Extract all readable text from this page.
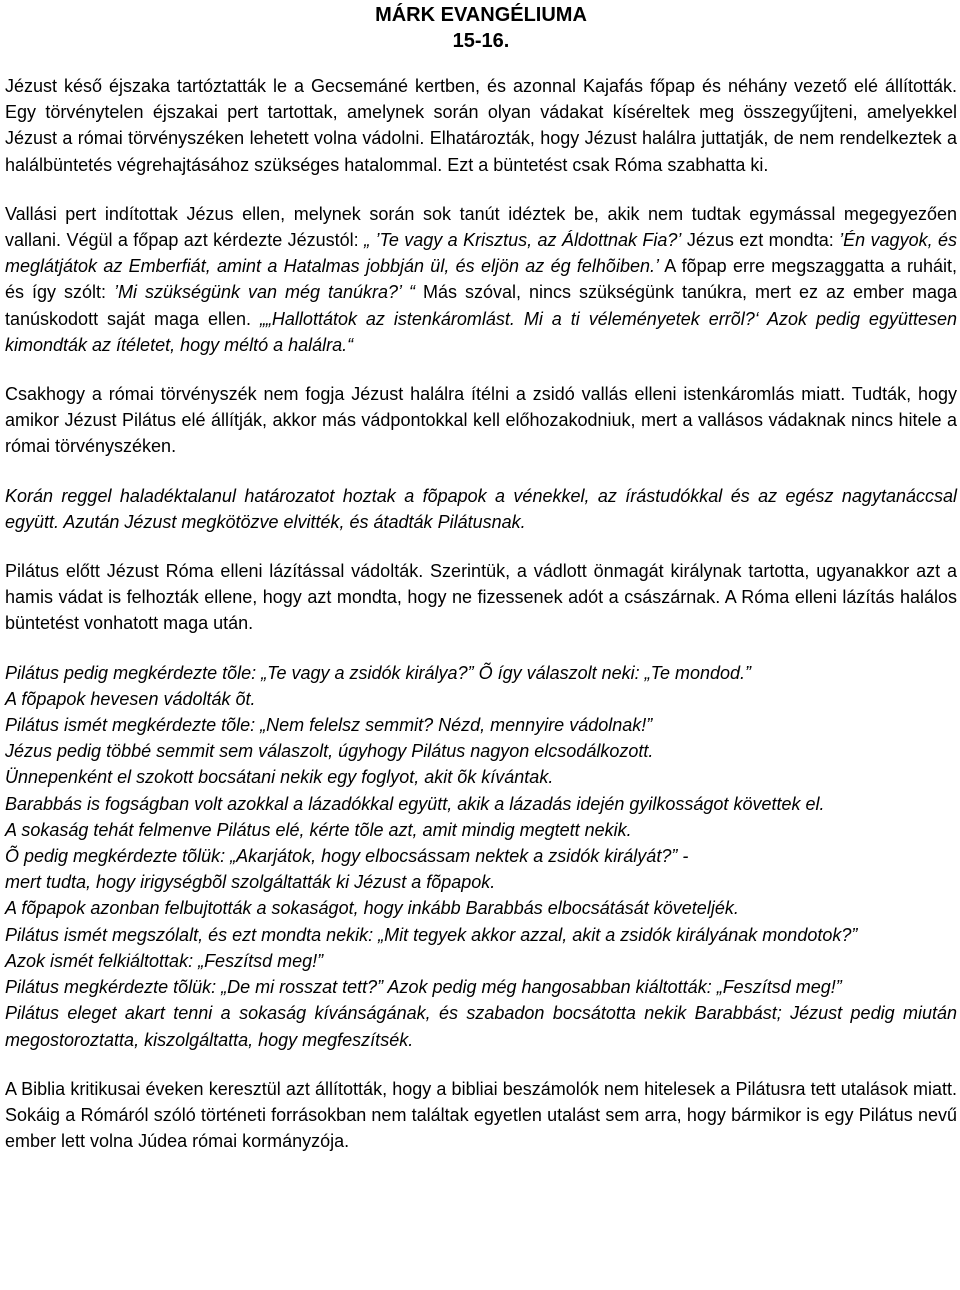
MÁRK EVANGÉLIUMA
15-16.

Jézust késő éjszaka tartóztatták le a Gecsemáné kertben, és azonnal Kajafás főpap és néhány vezető elé állították. Egy törvénytelen éjszakai pert tartottak, amelynek során olyan vádakat kíséreltek meg összegyűjteni, amelyekkel Jézust a római törvényszéken lehetett volna vádolni. Elhatározták, hogy Jézust halálra juttatják, de nem rendelkeztek a halálbüntetés végrehajtásához szükséges hatalommal. Ezt a büntetést csak Róma szabhatta ki.

Vallási pert indítottak Jézus ellen, melynek során sok tanút idéztek be, akik nem tudtak egymással megegyezően vallani. Végül a főpap azt kérdezte Jézustól: „ ’Te vagy a Krisztus, az Áldottnak Fia?’ Jézus ezt mondta: ’Én vagyok, és meglátjátok az Emberfiát, amint a Hatalmas jobbján ül, és eljön az ég felhõiben.’ A fõpap erre megszaggatta a ruháit, és így szólt: ’Mi szükségünk van még tanúkra?’ “ Más szóval, nincs szükségünk tanúkra, mert ez az ember maga tanúskodott saját maga ellen. „„Hallottátok az istenkáromlást. Mi a ti véleményetek errõl?‘ Azok pedig együttesen kimondták az ítéletet, hogy méltó a halálra.“

Csakhogy a római törvényszék nem fogja Jézust halálra ítélni a zsidó vallás elleni istenkáromlás miatt. Tudták, hogy amikor Jézust Pilátus elé állítják, akkor más vádpontokkal kell előhozakodniuk, mert a vallásos vádaknak nincs hitele a római törvényszéken.

Korán reggel haladéktalanul határozatot hoztak a fõpapok a vénekkel, az írástudókkal és az egész nagytanáccsal együtt. Azután Jézust megkötözve elvitték, és átadták Pilátusnak.

Pilátus előtt Jézust Róma elleni lázítással vádolták. Szerintük, a vádlott önmagát királynak tartotta, ugyanakkor azt a hamis vádat is felhozták ellene, hogy azt mondta, hogy ne fizessenek adót a császárnak. A Róma elleni lázítás halálos büntetést vonhatott maga után.

Pilátus pedig megkérdezte tõle: „Te vagy a zsidók királya?” Õ így válaszolt neki: „Te mondod.”

A fõpapok hevesen vádolták õt.

Pilátus ismét megkérdezte tõle: „Nem felelsz semmit? Nézd, mennyire vádolnak!”

Jézus pedig többé semmit sem válaszolt, úgyhogy Pilátus nagyon elcsodálkozott.

Ünnepenként el szokott bocsátani nekik egy foglyot, akit õk kívántak.

Barabbás is fogságban volt azokkal a lázadókkal együtt, akik a lázadás idején gyilkosságot követtek el.

A sokaság tehát felmenve Pilátus elé, kérte tõle azt, amit mindig megtett nekik.

Õ pedig megkérdezte tõlük: „Akarjátok, hogy elbocsássam nektek a zsidók királyát?” -

mert tudta, hogy irigységbõl szolgáltatták ki Jézust a fõpapok.

A fõpapok azonban felbujtották a sokaságot, hogy inkább Barabbás elbocsátását követeljék.

Pilátus ismét megszólalt, és ezt mondta nekik: „Mit tegyek akkor azzal, akit a zsidók királyának mondotok?”

Azok ismét felkiáltottak: „Feszítsd meg!”

Pilátus megkérdezte tõlük: „De mi rosszat tett?” Azok pedig még hangosabban kiáltották: „Feszítsd meg!”

Pilátus eleget akart tenni a sokaság kívánságának, és szabadon bocsátotta nekik Barabbást; Jézust pedig miután megostoroztatta, kiszolgáltatta, hogy megfeszítsék.

A Biblia kritikusai éveken keresztül azt állították, hogy a bibliai beszámolók nem hitelesek a Pilátusra tett utalások miatt. Sokáig a Rómáról szóló történeti forrásokban nem találtak egyetlen utalást sem arra, hogy bármikor is egy Pilátus nevű ember lett volna Júdea római kormányzója.
